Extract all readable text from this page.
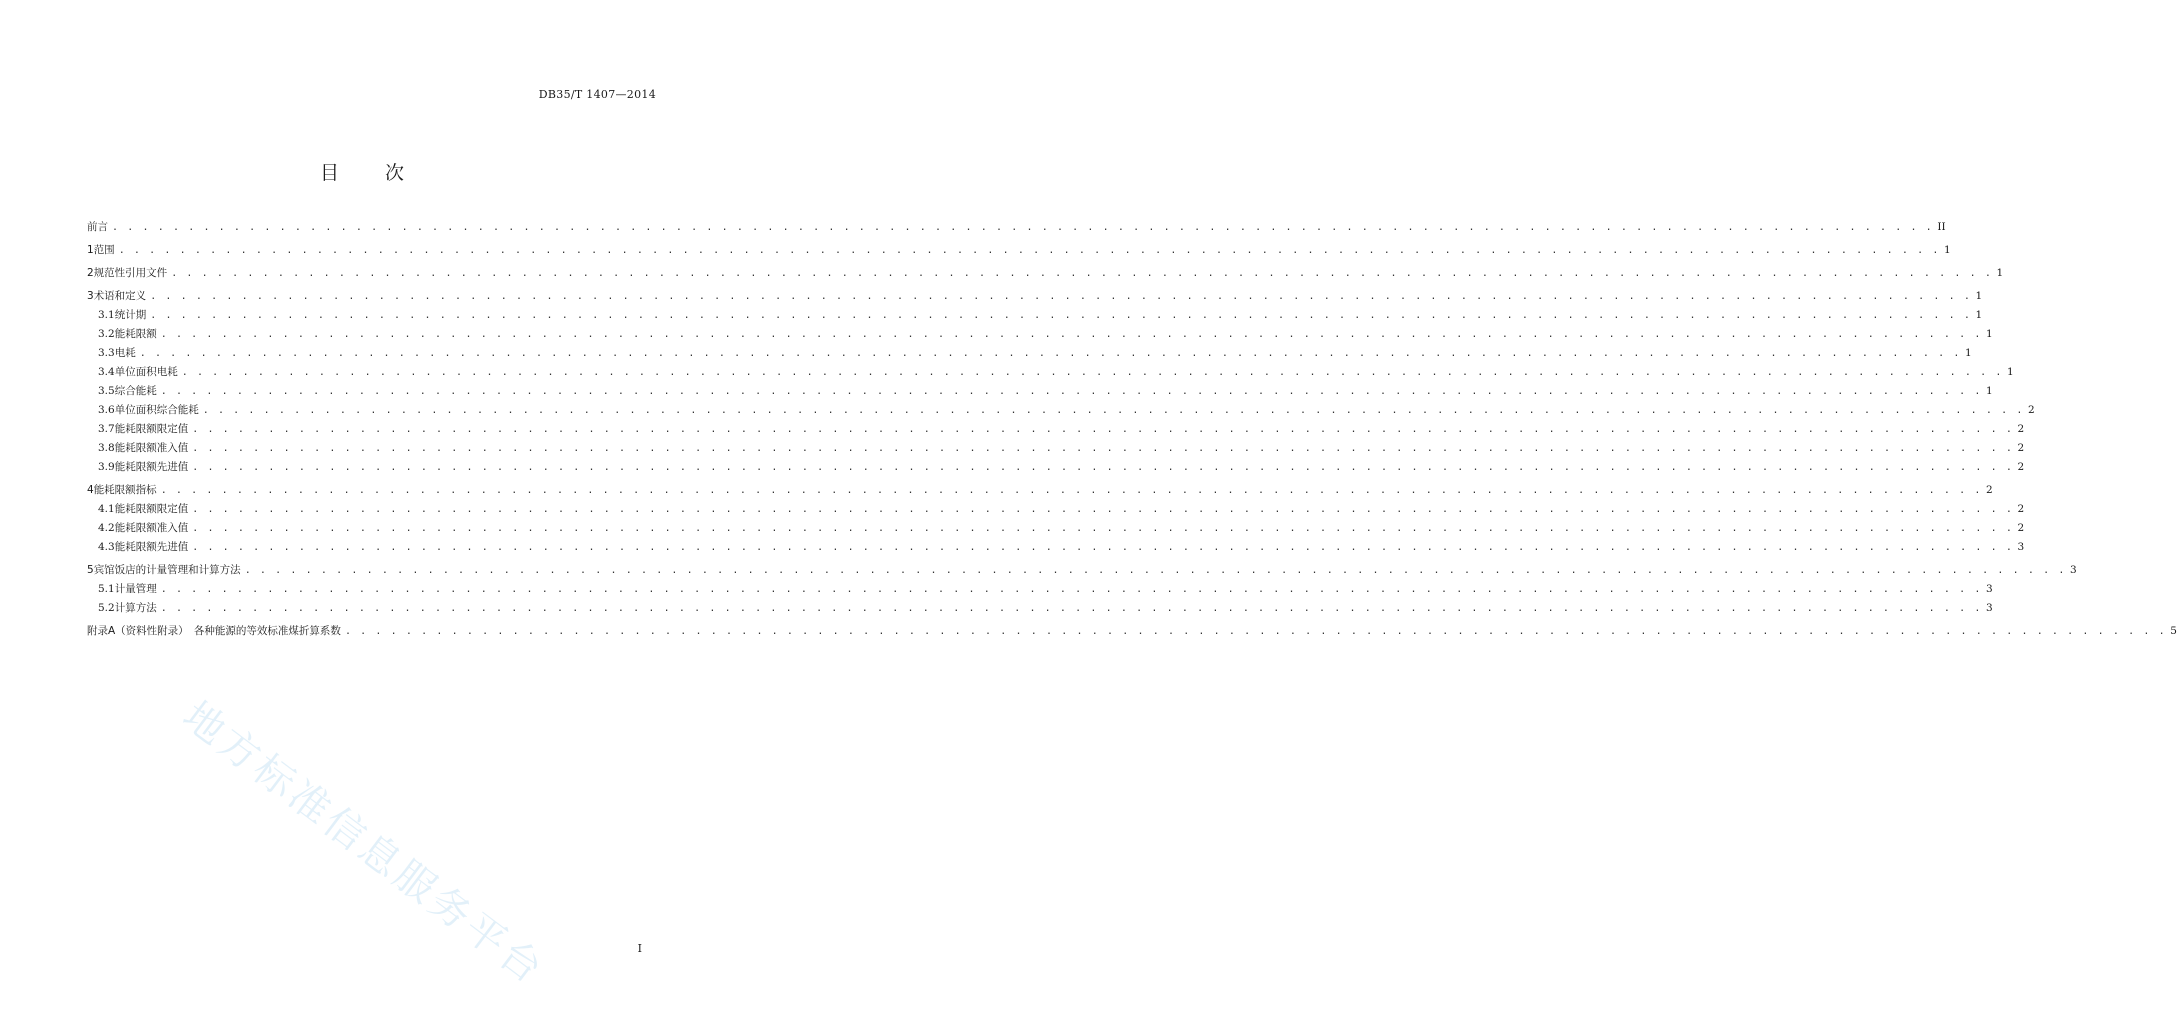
DB35/T 1407—2014
目 次
前言 . . . . . . . . . . . . . . . . . . . . . . . . . . . . . . . . . . . . . . . . . . . . . . . . . . . . . . . . . . . . . . . . . . . . . . . . . . . . . . . . . . . . . . . . . . . . . . . . . . . . . . . . . . . . . . . . . . . . . . . . II
1 范围 . . . . . . . . . . . . . . . . . . . . . . . . . . . . . . . . . . . . . . . . . . . . . . . . . . . . . . . . . . . . . . . . . . . . . . . . . . . . . . . . . . . . . . . . . . . . . . . . . . . . . . . . . . . . . . . . . . . . . . . . 1
2 规范性引用文件 . . . . . . . . . . . . . . . . . . . . . . . . . . . . . . . . . . . . . . . . . . . . . . . . . . . . . . . . . . . . . . . . . . . . . . . . . . . . . . . . . . . . . . . . . . . . . . . . . . . . . . . . . . . . . . . . . . . . . . . . 1
3 术语和定义 . . . . . . . . . . . . . . . . . . . . . . . . . . . . . . . . . . . . . . . . . . . . . . . . . . . . . . . . . . . . . . . . . . . . . . . . . . . . . . . . . . . . . . . . . . . . . . . . . . . . . . . . . . . . . . . . . . . . . . . . 1
3.1 统计期 . . . . . . . . . . . . . . . . . . . . . . . . . . . . . . . . . . . . . . . . . . . . . . . . . . . . . . . . . . . . . . . . . . . . . . . . . . . . . . . . . . . . . . . . . . . . . . . . . . . . . . . . . . . . . . . . . . . . . . . . 1
3.2 能耗限额 . . . . . . . . . . . . . . . . . . . . . . . . . . . . . . . . . . . . . . . . . . . . . . . . . . . . . . . . . . . . . . . . . . . . . . . . . . . . . . . . . . . . . . . . . . . . . . . . . . . . . . . . . . . . . . . . . . . . . . . . 1
3.3 电耗 . . . . . . . . . . . . . . . . . . . . . . . . . . . . . . . . . . . . . . . . . . . . . . . . . . . . . . . . . . . . . . . . . . . . . . . . . . . . . . . . . . . . . . . . . . . . . . . . . . . . . . . . . . . . . . . . . . . . . . . . 1
3.4 单位面积电耗 . . . . . . . . . . . . . . . . . . . . . . . . . . . . . . . . . . . . . . . . . . . . . . . . . . . . . . . . . . . . . . . . . . . . . . . . . . . . . . . . . . . . . . . . . . . . . . . . . . . . . . . . . . . . . . . . . . . . . . . . 1
3.5 综合能耗 . . . . . . . . . . . . . . . . . . . . . . . . . . . . . . . . . . . . . . . . . . . . . . . . . . . . . . . . . . . . . . . . . . . . . . . . . . . . . . . . . . . . . . . . . . . . . . . . . . . . . . . . . . . . . . . . . . . . . . . . 1
3.6 单位面积综合能耗 . . . . . . . . . . . . . . . . . . . . . . . . . . . . . . . . . . . . . . . . . . . . . . . . . . . . . . . . . . . . . . . . . . . . . . . . . . . . . . . . . . . . . . . . . . . . . . . . . . . . . . . . . . . . . . . . . . . . . . . . 2
3.7 能耗限额限定值 . . . . . . . . . . . . . . . . . . . . . . . . . . . . . . . . . . . . . . . . . . . . . . . . . . . . . . . . . . . . . . . . . . . . . . . . . . . . . . . . . . . . . . . . . . . . . . . . . . . . . . . . . . . . . . . . . . . . . . . . 2
3.8 能耗限额准入值 . . . . . . . . . . . . . . . . . . . . . . . . . . . . . . . . . . . . . . . . . . . . . . . . . . . . . . . . . . . . . . . . . . . . . . . . . . . . . . . . . . . . . . . . . . . . . . . . . . . . . . . . . . . . . . . . . . . . . . . . 2
3.9 能耗限额先进值 . . . . . . . . . . . . . . . . . . . . . . . . . . . . . . . . . . . . . . . . . . . . . . . . . . . . . . . . . . . . . . . . . . . . . . . . . . . . . . . . . . . . . . . . . . . . . . . . . . . . . . . . . . . . . . . . . . . . . . . . 2
4 能耗限额指标 . . . . . . . . . . . . . . . . . . . . . . . . . . . . . . . . . . . . . . . . . . . . . . . . . . . . . . . . . . . . . . . . . . . . . . . . . . . . . . . . . . . . . . . . . . . . . . . . . . . . . . . . . . . . . . . . . . . . . . . . 2
4.1 能耗限额限定值 . . . . . . . . . . . . . . . . . . . . . . . . . . . . . . . . . . . . . . . . . . . . . . . . . . . . . . . . . . . . . . . . . . . . . . . . . . . . . . . . . . . . . . . . . . . . . . . . . . . . . . . . . . . . . . . . . . . . . . . . 2
4.2 能耗限额准入值 . . . . . . . . . . . . . . . . . . . . . . . . . . . . . . . . . . . . . . . . . . . . . . . . . . . . . . . . . . . . . . . . . . . . . . . . . . . . . . . . . . . . . . . . . . . . . . . . . . . . . . . . . . . . . . . . . . . . . . . . 2
4.3 能耗限额先进值 . . . . . . . . . . . . . . . . . . . . . . . . . . . . . . . . . . . . . . . . . . . . . . . . . . . . . . . . . . . . . . . . . . . . . . . . . . . . . . . . . . . . . . . . . . . . . . . . . . . . . . . . . . . . . . . . . . . . . . . . 3
5 宾馆饭店的计量管理和计算方法 . . . . . . . . . . . . . . . . . . . . . . . . . . . . . . . . . . . . . . . . . . . . . . . . . . . . . . . . . . . . . . . . . . . . . . . . . . . . . . . . . . . . . . . . . . . . . . . . . . . . . . . . . . . . . . . . . . . . . . . . 3
5.1 计量管理 . . . . . . . . . . . . . . . . . . . . . . . . . . . . . . . . . . . . . . . . . . . . . . . . . . . . . . . . . . . . . . . . . . . . . . . . . . . . . . . . . . . . . . . . . . . . . . . . . . . . . . . . . . . . . . . . . . . . . . . . 3
5.2 计算方法 . . . . . . . . . . . . . . . . . . . . . . . . . . . . . . . . . . . . . . . . . . . . . . . . . . . . . . . . . . . . . . . . . . . . . . . . . . . . . . . . . . . . . . . . . . . . . . . . . . . . . . . . . . . . . . . . . . . . . . . . 3
附录A（资料性附录）　各种能源的等效标准煤折算系数 . . . . . . . . . . . . . . . . . . . . . . . . . . . . . . . . . . . . . . . . . . . . . . . . . . . . . . . . . . . . . . . . . . . . . . . . . . . . . . . . . . . . . . . . . . . . . . . . . . . . . . . . . . . . . . . . . . . . . . . . 5
地方标准信息服务平台	I
